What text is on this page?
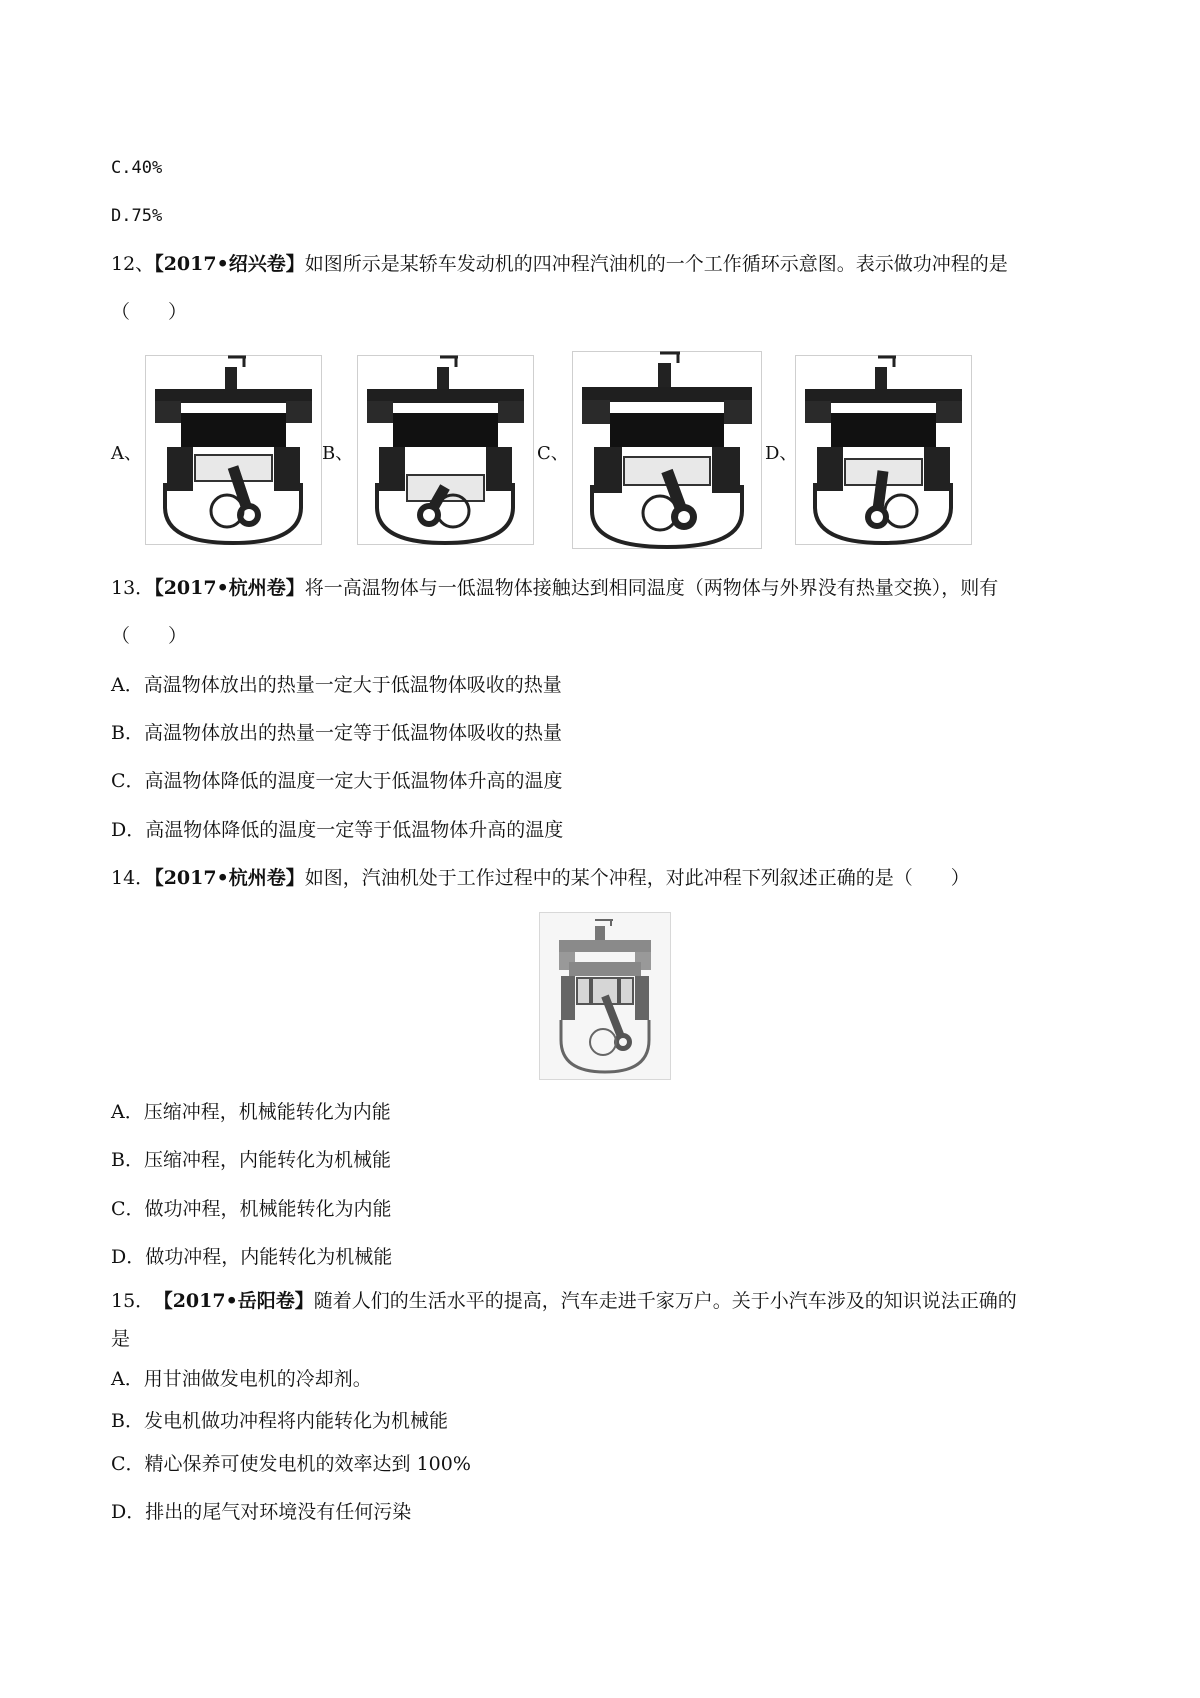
C.40%
D.75%
12、【2017•绍兴卷】如图所示是某轿车发动机的四冲程汽油机的一个工作循环示意图。表示做功冲程的是
（　　）
A、	B、	C、	D、
13．【2017•杭州卷】将一高温物体与一低温物体接触达到相同温度（两物体与外界没有热量交换），则有
（　　）
A．高温物体放出的热量一定大于低温物体吸收的热量
B．高温物体放出的热量一定等于低温物体吸收的热量
C．高温物体降低的温度一定大于低温物体升高的温度
D．高温物体降低的温度一定等于低温物体升高的温度
14．【2017•杭州卷】如图，汽油机处于工作过程中的某个冲程，对此冲程下列叙述正确的是（　　）
A．压缩冲程，机械能转化为内能
B．压缩冲程，内能转化为机械能
C．做功冲程，机械能转化为内能
D．做功冲程，内能转化为机械能
15． 【2017•岳阳卷】随着人们的生活水平的提高，汽车走进千家万户。关于小汽车涉及的知识说法正确的
是
A．用甘油做发电机的冷却剂。
B．发电机做功冲程将内能转化为机械能
C．精心保养可使发电机的效率达到 100%
D．排出的尾气对环境没有任何污染
